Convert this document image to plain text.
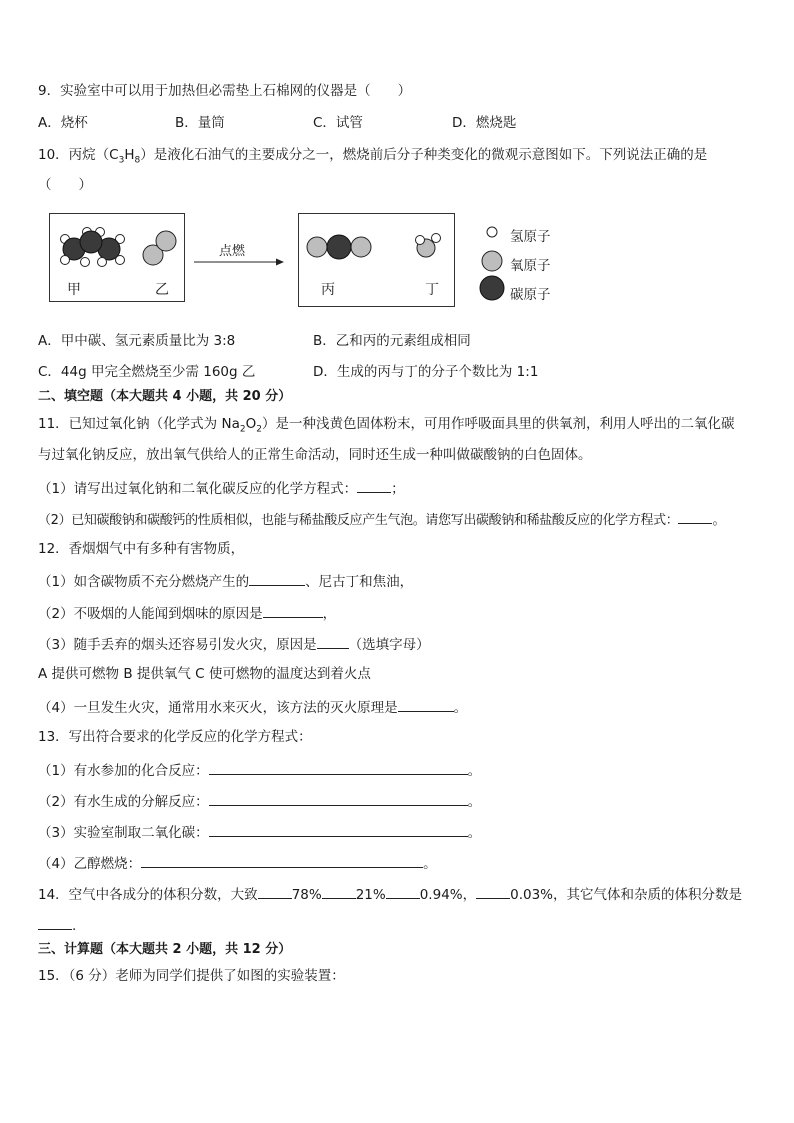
9．实验室中可以用于加热但必需垫上石棉网的仪器是（　　）
A．烧杯	B．量筒	C．试管	D．燃烧匙
10．丙烷$(C_3H_8)$是液化石油气的主要成分之一，燃烧前后分子种类变化的微观示意图如下。下列说法正确的是
（　　）
甲	乙
点燃
丙	丁
氢原子
氧原子
碳原子
A．甲中碳、氢元素质量比为 3:8	B．乙和丙的元素组成相同
C．44g 甲完全燃烧至少需 160g 乙	D．生成的丙与丁的分子个数比为 1:1
二、填空题（本大题共 4 小题，共 20 分）
11．已知过氧化钠（化学式为 $Na_2O_2$）是一种浅黄色固体粉末，可用作呼吸面具里的供氧剂，利用人呼出的二氧化碳
与过氧化钠反应，放出氧气供给人的正常生命活动，同时还生成一种叫做碳酸钠的白色固体。
（1）请写出过氧化钠和二氧化碳反应的化学方程式：	；
（2）已知碳酸钠和碳酸钙的性质相似，也能与稀盐酸反应产生气泡。请您写出碳酸钠和稀盐酸反应的化学方程式：	。
12．香烟烟气中有多种有害物质，
（1）如含碳物质不充分燃烧产生的	、尼古丁和焦油，
（2）不吸烟的人能闻到烟味的原因是	，
（3）随手丢弃的烟头还容易引发火灾，原因是 （选填字母）
A 提供可燃物 B 提供氧气 C 使可燃物的温度达到着火点
（4）一旦发生火灾，通常用水来灭火，该方法的灭火原理是	。
13．写出符合要求的化学反应的化学方程式：
（1）有水参加的化合反应：	。
（2）有水生成的分解反应：	。
（3）实验室制取二氧化碳：	。
（4）乙醇燃烧：	。
14．空气中各成分的体积分数，大致	78%	21%	0.94%，	0.03%，其它气体和杂质的体积分数是
.
三、计算题（本大题共 2 小题，共 12 分）
15．（6 分）老师为同学们提供了如图的实验装置：
